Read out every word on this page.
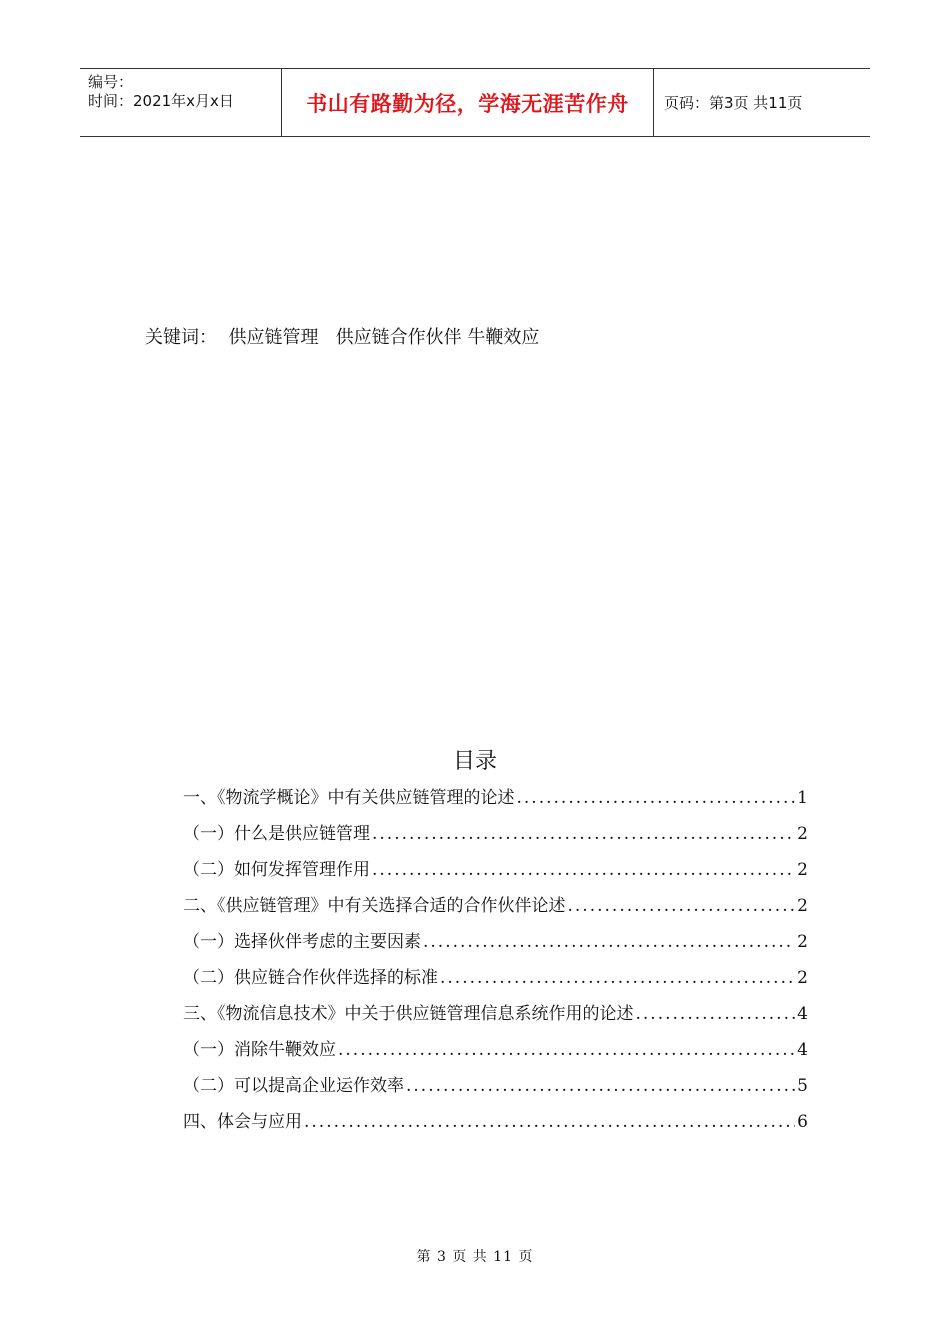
编号：
时间：2021年x月x日	书山有路勤为径，学海无涯苦作舟	页码：第3页 共11页
关键词：  供应链管理   供应链合作伙伴 牛鞭效应
目录
一、《物流学概论》中有关供应链管理的论述 .....	1
（一）什么是供应链管理 .....	2
（二）如何发挥管理作用 .....	2
二、《供应链管理》中有关选择合适的合作伙伴论述 .....	2
（一）选择伙伴考虑的主要因素 .....	2
（二）供应链合作伙伴选择的标准 .....	2
三、《物流信息技术》中关于供应链管理信息系统作用的论述 .....	4
（一）消除牛鞭效应 .....	4
（二）可以提高企业运作效率 .....	5
四、体会与应用 .....	6
第 3 页 共 11 页
